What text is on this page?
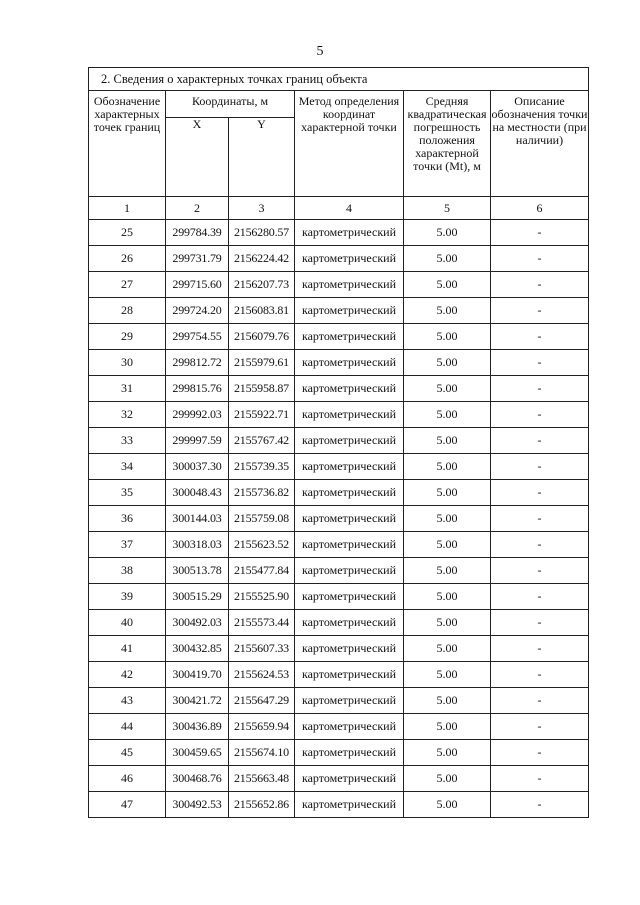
5
2. Сведения о характерных точках границ объекта					
Обозначение характерных точек границ	Координаты, м		Метод определения координат характерной точки	Средняя квадратическая погрешность положения характерной точки (Мt), м	Описание обозначения точки на местности (при наличии)
	X	Y			
1	2	3	4	5	6
25	299784.39	2156280.57	картометрический	5.00	-
26	299731.79	2156224.42	картометрический	5.00	-
27	299715.60	2156207.73	картометрический	5.00	-
28	299724.20	2156083.81	картометрический	5.00	-
29	299754.55	2156079.76	картометрический	5.00	-
30	299812.72	2155979.61	картометрический	5.00	-
31	299815.76	2155958.87	картометрический	5.00	-
32	299992.03	2155922.71	картометрический	5.00	-
33	299997.59	2155767.42	картометрический	5.00	-
34	300037.30	2155739.35	картометрический	5.00	-
35	300048.43	2155736.82	картометрический	5.00	-
36	300144.03	2155759.08	картометрический	5.00	-
37	300318.03	2155623.52	картометрический	5.00	-
38	300513.78	2155477.84	картометрический	5.00	-
39	300515.29	2155525.90	картометрический	5.00	-
40	300492.03	2155573.44	картометрический	5.00	-
41	300432.85	2155607.33	картометрический	5.00	-
42	300419.70	2155624.53	картометрический	5.00	-
43	300421.72	2155647.29	картометрический	5.00	-
44	300436.89	2155659.94	картометрический	5.00	-
45	300459.65	2155674.10	картометрический	5.00	-
46	300468.76	2155663.48	картометрический	5.00	-
47	300492.53	2155652.86	картометрический	5.00	-
